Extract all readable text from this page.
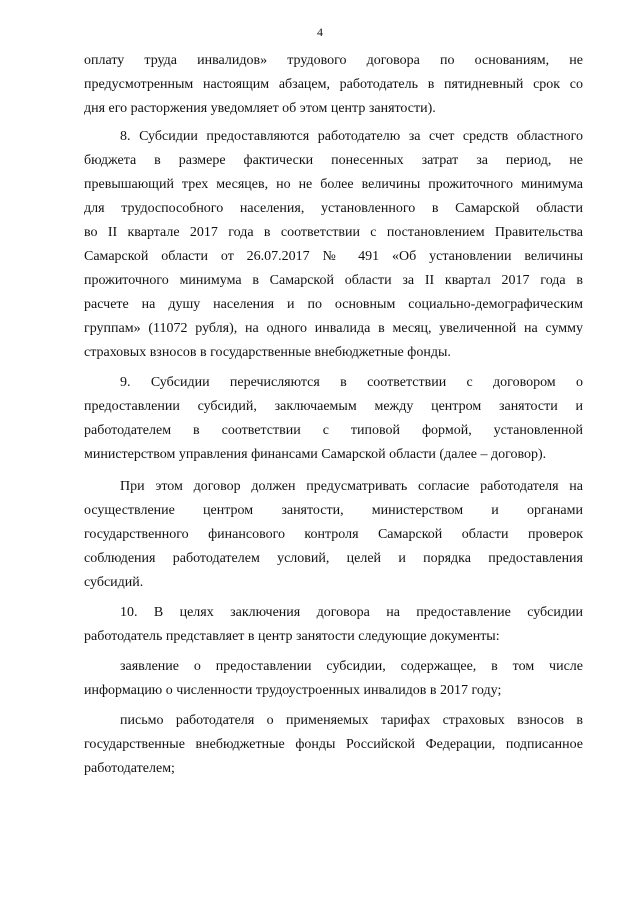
4
оплату труда инвалидов» трудового договора по основаниям, не
предусмотренным настоящим абзацем, работодатель в пятидневный срок со
дня его расторжения уведомляет об этом центр занятости).
8. Субсидии предоставляются работодателю за счет средств областного
бюджета в размере фактически понесенных затрат за период, не
превышающий трех месяцев, но не более величины прожиточного минимума
для трудоспособного населения, установленного в Самарской области
во II квартале 2017 года в соответствии с постановлением Правительства
Самарской области от 26.07.2017 № 491 «Об установлении величины
прожиточного минимума в Самарской области за II квартал 2017 года в
расчете на душу населения и по основным социально-демографическим
группам» (11072 рубля), на одного инвалида в месяц, увеличенной на сумму
страховых взносов в государственные внебюджетные фонды.
9. Субсидии перечисляются в соответствии с договором о
предоставлении субсидий, заключаемым между центром занятости и
работодателем в соответствии с типовой формой, установленной
министерством управления финансами Самарской области (далее – договор).
При этом договор должен предусматривать согласие работодателя на
осуществление центром занятости, министерством и органами
государственного финансового контроля Самарской области проверок
соблюдения работодателем условий, целей и порядка предоставления
субсидий.
10. В целях заключения договора на предоставление субсидии
работодатель представляет в центр занятости следующие документы:
заявление о предоставлении субсидии, содержащее, в том числе
информацию о численности трудоустроенных инвалидов в 2017 году;
письмо работодателя о применяемых тарифах страховых взносов в
государственные внебюджетные фонды Российской Федерации, подписанное
работодателем;
